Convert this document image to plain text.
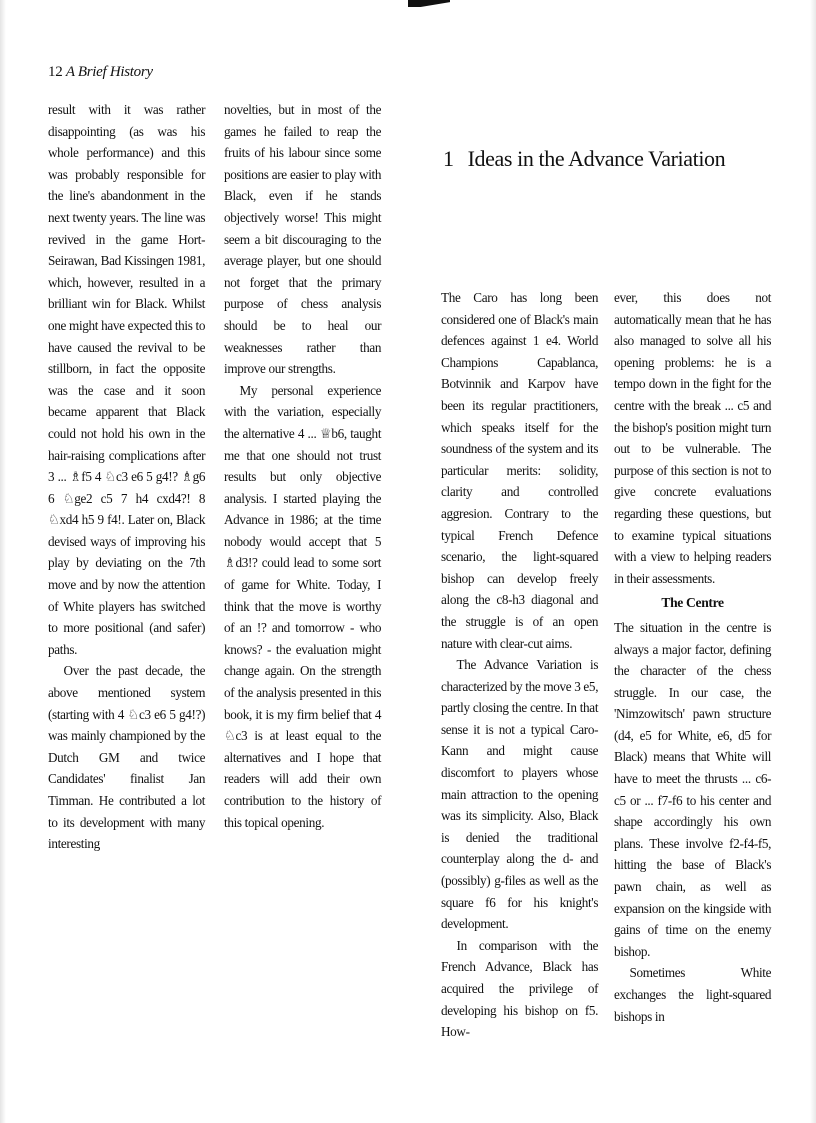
12 A Brief History

result with it was rather disappointing (as was his whole performance) and this was probably responsible for the line's abandonment in the next twenty years. The line was revived in the game Hort-Seirawan, Bad Kissingen 1981, which, however, resulted in a brilliant win for Black. Whilst one might have expected this to have caused the revival to be stillborn, in fact the opposite was the case and it soon became apparent that Black could not hold his own in the hair-raising complications after 3 ... ♗f5 4 ♘c3 e6 5 g4!? ♗g6 6 ♘ge2 c5 7 h4 cxd4?! 8 ♘xd4 h5 9 f4!. Later on, Black devised ways of improving his play by deviating on the 7th move and by now the attention of White players has switched to more positional (and safer) paths.

Over the past decade, the above mentioned system (starting with 4 ♘c3 e6 5 g4!?) was mainly championed by the Dutch GM and twice Candidates' finalist Jan Timman. He contributed a lot to its development with many interesting

novelties, but in most of the games he failed to reap the fruits of his labour since some positions are easier to play with Black, even if he stands objectively worse! This might seem a bit discouraging to the average player, but one should not forget that the primary purpose of chess analysis should be to heal our weaknesses rather than improve our strengths.

My personal experience with the variation, especially the alternative 4 ... ♕b6, taught me that one should not trust results but only objective analysis. I started playing the Advance in 1986; at the time nobody would accept that 5 ♗d3!? could lead to some sort of game for White. Today, I think that the move is worthy of an !? and tomorrow - who knows? - the evaluation might change again. On the strength of the analysis presented in this book, it is my firm belief that 4 ♘c3 is at least equal to the alternatives and I hope that readers will add their own contribution to the history of this topical opening.

1 Ideas in the Advance Variation

The Caro has long been considered one of Black's main defences against 1 e4. World Champions Capablanca, Botvinnik and Karpov have been its regular practitioners, which speaks itself for the soundness of the system and its particular merits: solidity, clarity and controlled aggresion. Contrary to the typical French Defence scenario, the light-squared bishop can develop freely along the c8-h3 diagonal and the struggle is of an open nature with clear-cut aims.

The Advance Variation is characterized by the move 3 e5, partly closing the centre. In that sense it is not a typical Caro-Kann and might cause discomfort to players whose main attraction to the opening was its simplicity. Also, Black is denied the traditional counterplay along the d- and (possibly) g-files as well as the square f6 for his knight's development.

In comparison with the French Advance, Black has acquired the privilege of developing his bishop on f5. How-

ever, this does not automatically mean that he has also managed to solve all his opening problems: he is a tempo down in the fight for the centre with the break ... c5 and the bishop's position might turn out to be vulnerable. The purpose of this section is not to give concrete evaluations regarding these questions, but to examine typical situations with a view to helping readers in their assessments.

The Centre

The situation in the centre is always a major factor, defining the character of the chess struggle. In our case, the 'Nimzowitsch' pawn structure (d4, e5 for White, e6, d5 for Black) means that White will have to meet the thrusts ... c6-c5 or ... f7-f6 to his center and shape accordingly his own plans. These involve f2-f4-f5, hitting the base of Black's pawn chain, as well as expansion on the kingside with gains of time on the enemy bishop.

Sometimes White exchanges the light-squared bishops in
